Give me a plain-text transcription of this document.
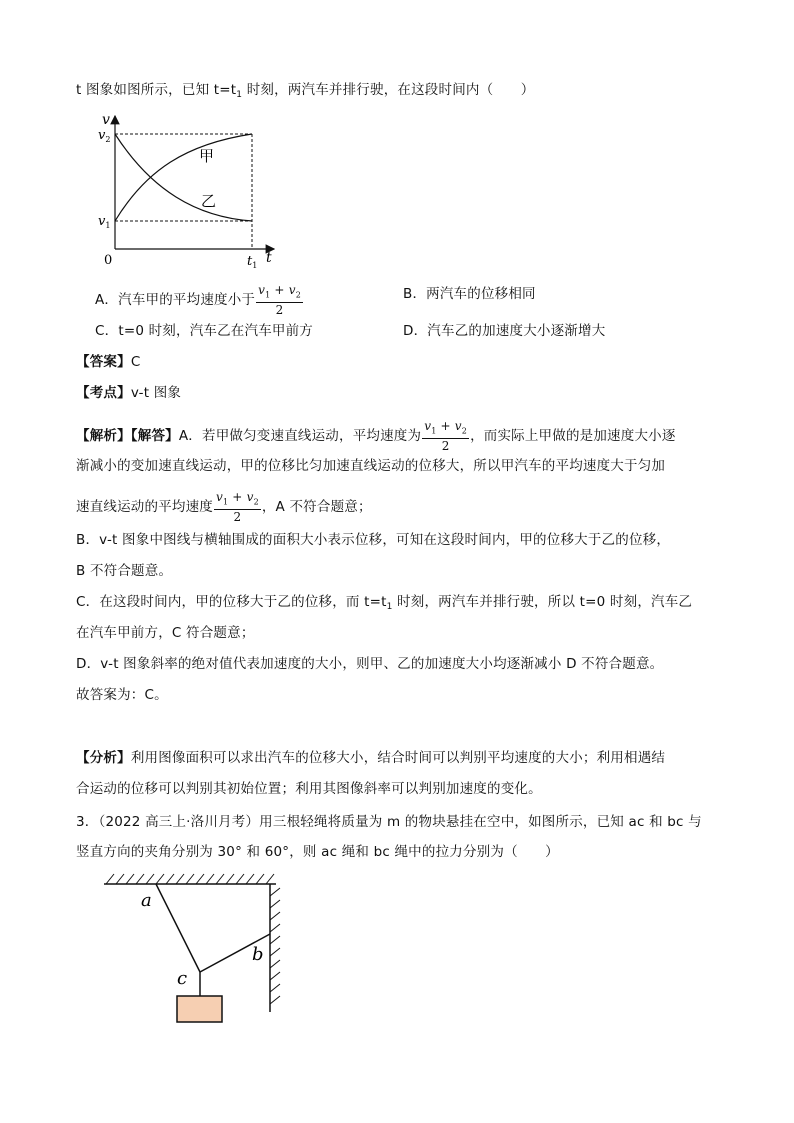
t 图象如图所示，已知 $t=t_1$ 时刻，两汽车并排行驶，在这段时间内（　　）
v
$v_2$
$v_1$
0	$t_1$ t
甲
乙
A．汽车甲的平均速度小于 $\frac{v_1 + v_2}{2}$	B．两汽车的位移相同
C．t=0 时刻，汽车乙在汽车甲前方	D．汽车乙的加速度大小逐渐增大
【答案】C
【考点】v-t 图象
【解析】【解答】A．若甲做匀变速直线运动，平均速度为 $\frac{v_1 + v_2}{2}$ ，而实际上甲做的是加速度大小逐
渐减小的变加速直线运动，甲的位移比匀加速直线运动的位移大，所以甲汽车的平均速度大于匀加
速直线运动的平均速度 $\frac{v_1 + v_2}{2}$ ，A 不符合题意；
B．v-t 图象中图线与横轴围成的面积大小表示位移，可知在这段时间内，甲的位移大于乙的位移，
B 不符合题意。
C．在这段时间内，甲的位移大于乙的位移，而 $t=t_1$ 时刻，两汽车并排行驶，所以 t=0 时刻，汽车乙
在汽车甲前方，C 符合题意；
D．v-t 图象斜率的绝对值代表加速度的大小，则甲、乙的加速度大小均逐渐减小 D 不符合题意。
故答案为：C。
【分析】利用图像面积可以求出汽车的位移大小，结合时间可以判别平均速度的大小；利用相遇结
合运动的位移可以判别其初始位置；利用其图像斜率可以判别加速度的变化。
3．（2022 高三上·洛川月考）用三根轻绳将质量为 m 的物块悬挂在空中，如图所示，已知 ac 和 bc 与
竖直方向的夹角分别为 30° 和 60°，则 ac 绳和 bc 绳中的拉力分别为（　　）
a
b
c
